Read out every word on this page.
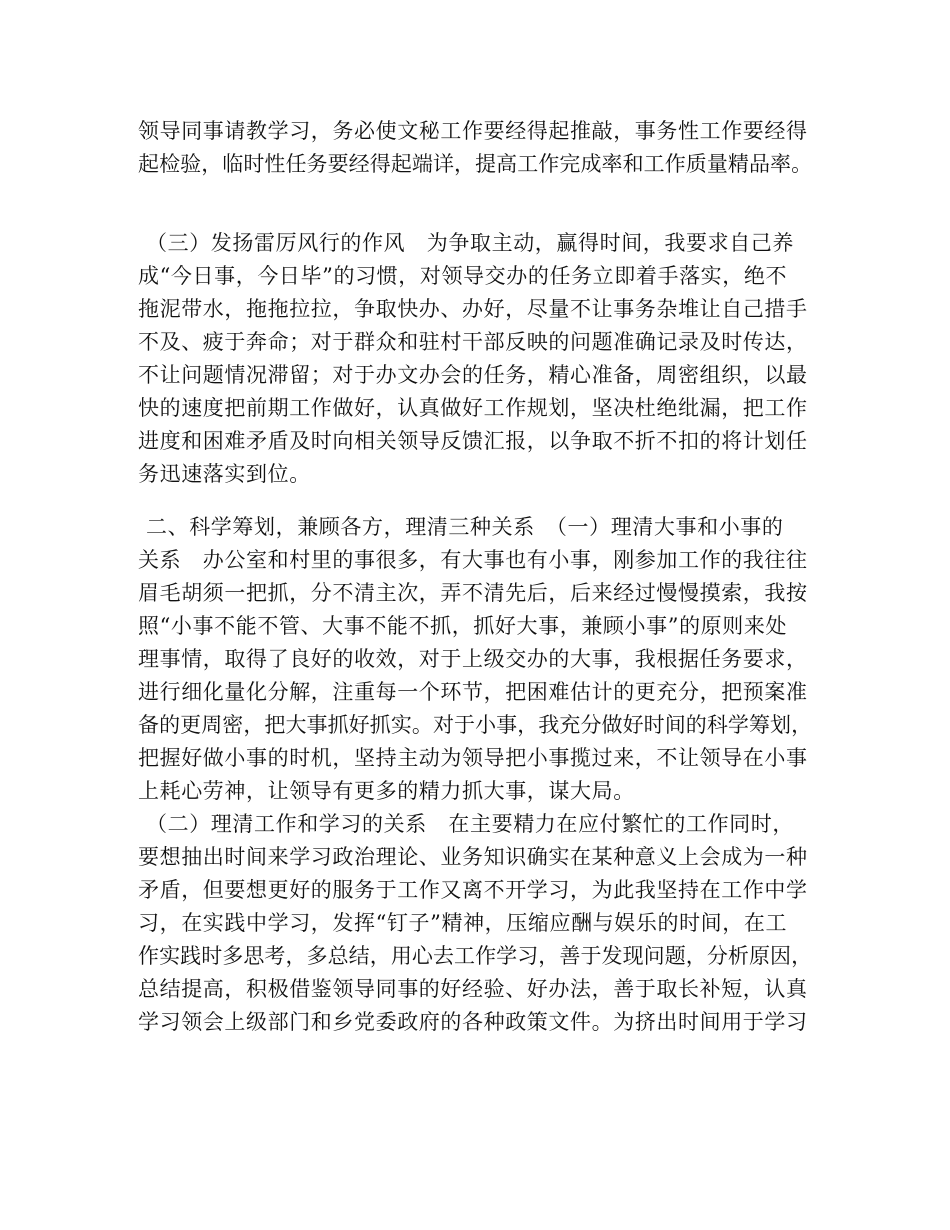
领导同事请教学习，务必使文秘工作要经得起推敲，事务性工作要经得
起检验，临时性任务要经得起端详，提高工作完成率和工作质量精品率。
（三）发扬雷厉风行的作风　为争取主动，赢得时间，我要求自己养
成“今日事，今日毕”的习惯，对领导交办的任务立即着手落实，绝不
拖泥带水，拖拖拉拉，争取快办、办好，尽量不让事务杂堆让自己措手
不及、疲于奔命；对于群众和驻村干部反映的问题准确记录及时传达，
不让问题情况滞留；对于办文办会的任务，精心准备，周密组织，以最
快的速度把前期工作做好，认真做好工作规划，坚决杜绝纰漏，把工作
进度和困难矛盾及时向相关领导反馈汇报，以争取不折不扣的将计划任
务迅速落实到位。
二、科学筹划，兼顾各方，理清三种关系　（一）理清大事和小事的
关系　办公室和村里的事很多，有大事也有小事，刚参加工作的我往往
眉毛胡须一把抓，分不清主次，弄不清先后，后来经过慢慢摸索，我按
照“小事不能不管、大事不能不抓，抓好大事，兼顾小事”的原则来处
理事情，取得了良好的收效，对于上级交办的大事，我根据任务要求，
进行细化量化分解，注重每一个环节，把困难估计的更充分，把预案准
备的更周密，把大事抓好抓实。对于小事，我充分做好时间的科学筹划，
把握好做小事的时机，坚持主动为领导把小事揽过来，不让领导在小事
上耗心劳神，让领导有更多的精力抓大事，谋大局。
（二）理清工作和学习的关系　在主要精力在应付繁忙的工作同时，
要想抽出时间来学习政治理论、业务知识确实在某种意义上会成为一种
矛盾，但要想更好的服务于工作又离不开学习，为此我坚持在工作中学
习，在实践中学习，发挥“钉子”精神，压缩应酬与娱乐的时间，在工
作实践时多思考，多总结，用心去工作学习，善于发现问题，分析原因，
总结提高，积极借鉴领导同事的好经验、好办法，善于取长补短，认真
学习领会上级部门和乡党委政府的各种政策文件。为挤出时间用于学习
